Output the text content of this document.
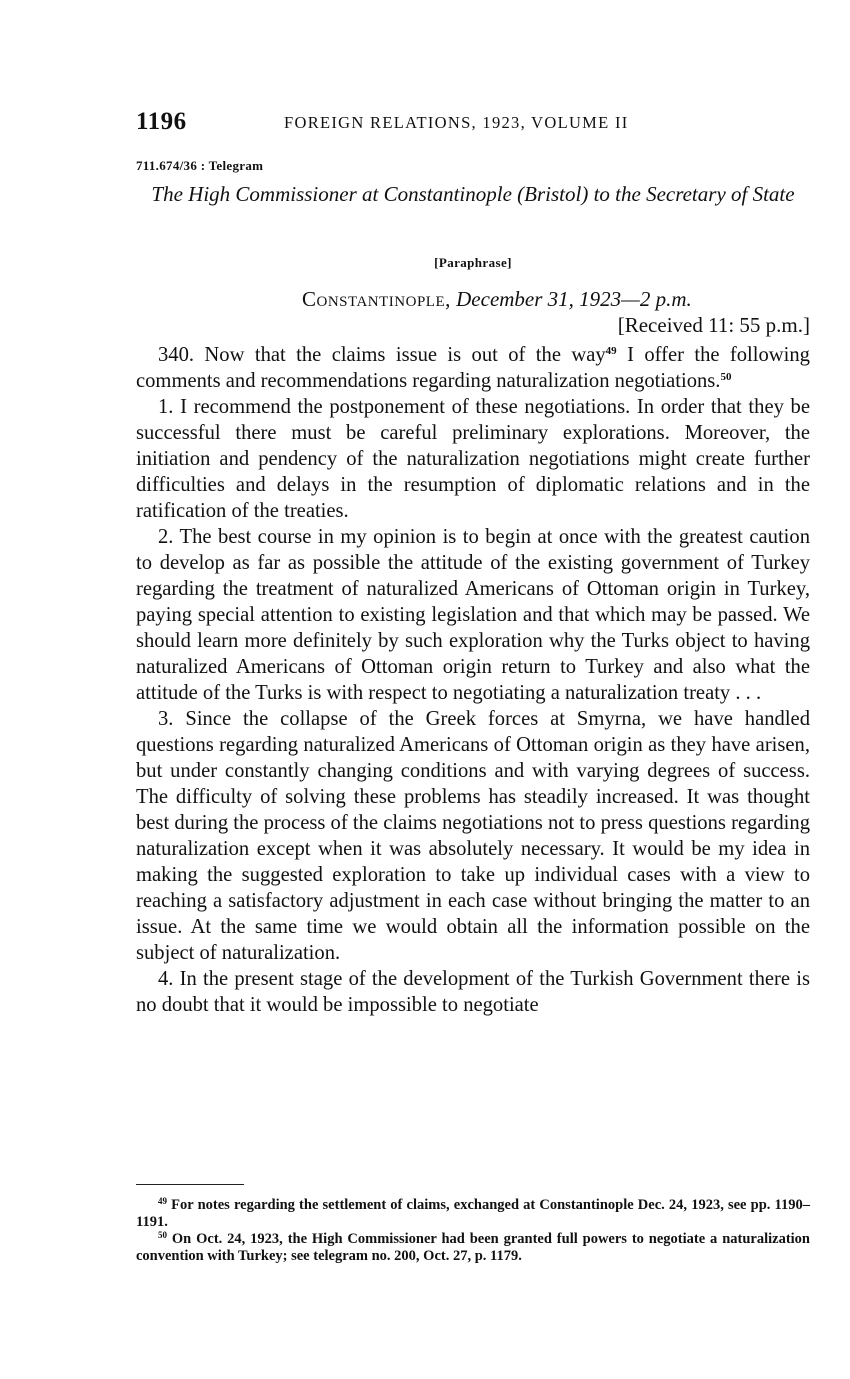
1196	FOREIGN RELATIONS, 1923, VOLUME II
711.674/36 : Telegram
The High Commissioner at Constantinople (Bristol) to the Secretary of State
[Paraphrase]
Constantinople, December 31, 1923—2 p.m.
[Received 11: 55 p.m.]

340. Now that the claims issue is out of the way$^{49}$ I offer the following comments and recommendations regarding naturalization negotiations.$^{50}$

1. I recommend the postponement of these negotiations. In order that they be successful there must be careful preliminary explorations. Moreover, the initiation and pendency of the naturalization negotiations might create further difficulties and delays in the resumption of diplomatic relations and in the ratification of the treaties.

2. The best course in my opinion is to begin at once with the greatest caution to develop as far as possible the attitude of the existing government of Turkey regarding the treatment of naturalized Americans of Ottoman origin in Turkey, paying special attention to existing legislation and that which may be passed. We should learn more definitely by such exploration why the Turks object to having naturalized Americans of Ottoman origin return to Turkey and also what the attitude of the Turks is with respect to negotiating a naturalization treaty . . .

3. Since the collapse of the Greek forces at Smyrna, we have handled questions regarding naturalized Americans of Ottoman origin as they have arisen, but under constantly changing conditions and with varying degrees of success. The difficulty of solving these problems has steadily increased. It was thought best during the process of the claims negotiations not to press questions regarding naturalization except when it was absolutely necessary. It would be my idea in making the suggested exploration to take up individual cases with a view to reaching a satisfactory adjustment in each case without bringing the matter to an issue. At the same time we would obtain all the information possible on the subject of naturalization.

4. In the present stage of the development of the Turkish Government there is no doubt that it would be impossible to negotiate

$^{49}$ For notes regarding the settlement of claims, exchanged at Constantinople Dec. 24, 1923, see pp. 1190–1191.

$^{50}$ On Oct. 24, 1923, the High Commissioner had been granted full powers to negotiate a naturalization convention with Turkey; see telegram no. 200, Oct. 27, p. 1179.
